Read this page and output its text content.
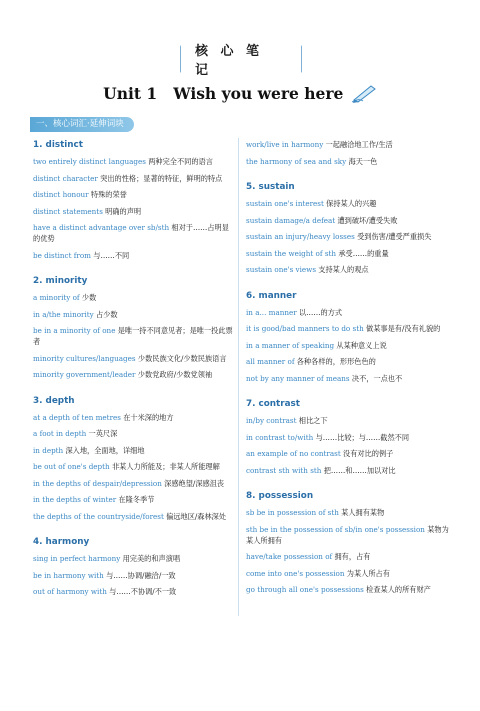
核 心 笔 记
Unit 1 Wish you were here
一、核心词汇·延伸词块
1. distinct
two entirely distinct languages 两种完全不同的语言
distinct character 突出的性格；显著的特征，鲜明的特点
distinct honour 特殊的荣誉
distinct statements 明确的声明
have a distinct advantage over sb/sth 相对于……占明显的优势
be distinct from 与……不同
2. minority
a minority of 少数
in a/the minority 占少数
be in a minority of one 是唯一持不同意见者；是唯一投此票者
minority cultures/languages 少数民族文化/少数民族语言
minority government/leader 少数党政府/少数党领袖
3. depth
at a depth of ten metres 在十米深的地方
a foot in depth 一英尺深
in depth 深入地，全面地，详细地
be out of one's depth 非某人力所能及；非某人所能理解
in the depths of despair/depression 深感绝望/深感沮丧
in the depths of winter 在隆冬季节
the depths of the countryside/forest 偏远地区/森林深处
4. harmony
sing in perfect harmony 用完美的和声演唱
be in harmony with 与……协调/融洽/一致
out of harmony with 与……不协调/不一致
work/live in harmony 一起融洽地工作/生活
the harmony of sea and sky 海天一色
5. sustain
sustain one's interest 保持某人的兴趣
sustain damage/a defeat 遭到破坏/遭受失败
sustain an injury/heavy losses 受到伤害/遭受严重损失
sustain the weight of sth 承受……的重量
sustain one's views 支持某人的观点
6. manner
in a... manner 以……的方式
it is good/bad manners to do sth 做某事是有/没有礼貌的
in a manner of speaking 从某种意义上说
all manner of 各种各样的，形形色色的
not by any manner of means 决不，一点也不
7. contrast
in/by contrast 相比之下
in contrast to/with 与……比较；与……截然不同
an example of no contrast 没有对比的例子
contrast sth with sth 把……和……加以对比
8. possession
sb be in possession of sth 某人拥有某物
sth be in the possession of sb/in one's possession 某物为某人所拥有
have/take possession of 拥有，占有
come into one's possession 为某人所占有
go through all one's possessions 检查某人的所有财产
